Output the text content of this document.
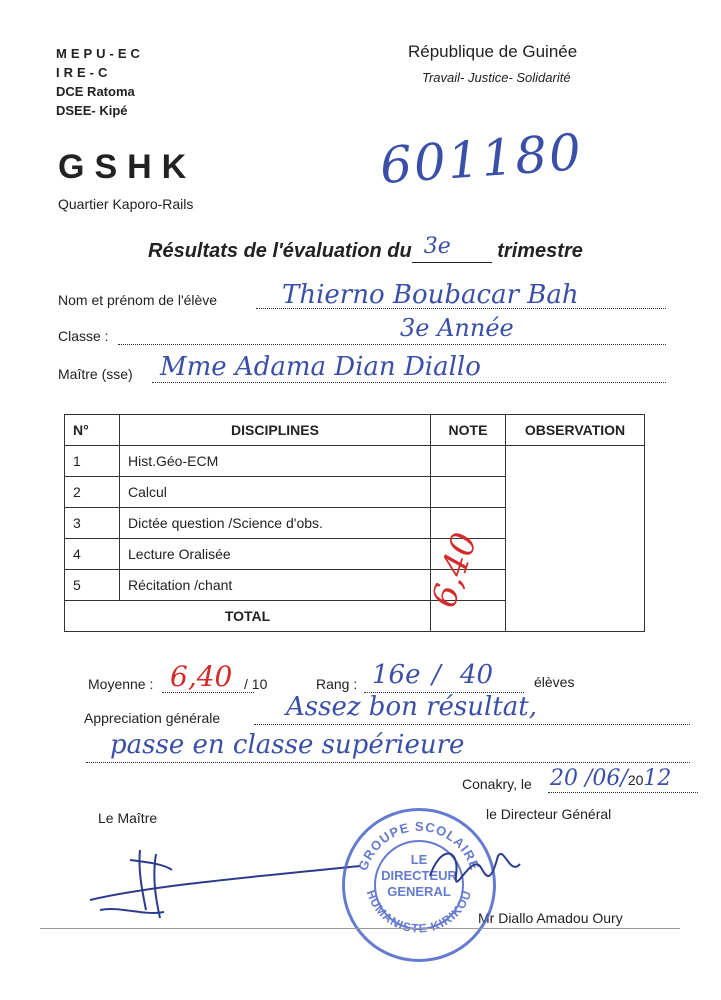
MEPU-EC
IRE-C
DCE Ratoma
DSEE- Kipé
GSHK
Quartier Kaporo-Rails
République de Guinée
Travail- Justice- Solidarité
601180
Résultats de l'évaluation du 3e trimestre
Nom et prénom de l'élève Thierno Boubacar Bah
Classe :	3e Année
Maître (sse) Mme Adama Dian Diallo
N°	DISCIPLINES	NOTE	OBSERVATION
1	Hist.Géo-ECM		
2	Calcul		
3	Dictée question /Science d'obs.		
4	Lecture Oralisée		
5	Récitation /chant		
TOTAL			
6,40
Moyenne : 6,40 / 10	Rang : 16e / 40	élèves
Appreciation générale	Assez bon résultat,
passe en classe supérieure
Conakry, le 20 /06/2012
Le Maître	le Directeur Général
Mr Diallo Amadou Oury
GROUPE SCOLAIRE
HUMANISTE KIRIKOU
LE
DIRECTEUR
GENERAL
